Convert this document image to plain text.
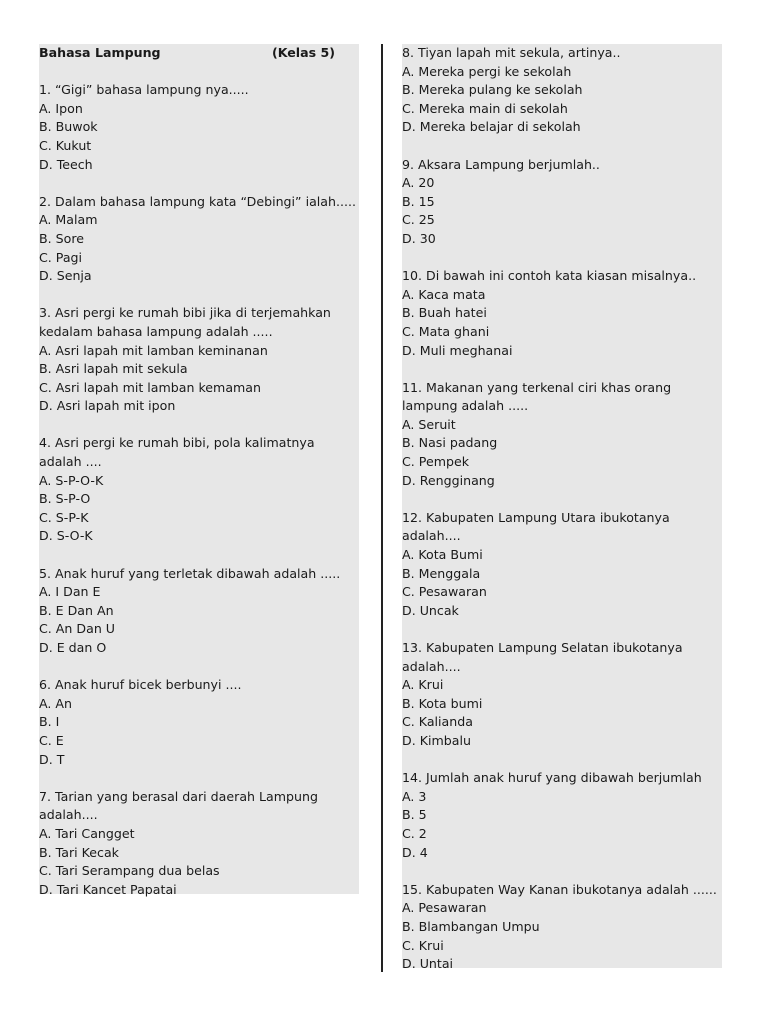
Bahasa Lampung	(Kelas 5)
1. “Gigi” bahasa lampung nya.....
A. Ipon
B. Buwok
C. Kukut
D. Teech
2. Dalam bahasa lampung kata “Debingi” ialah.....
A. Malam
B. Sore
C. Pagi
D. Senja
3. Asri pergi ke rumah bibi jika di terjemahkan kedalam bahasa lampung adalah .....
A. Asri lapah mit lamban keminanan
B. Asri lapah mit sekula
C. Asri lapah mit lamban kemaman
D. Asri lapah mit ipon
4. Asri pergi ke rumah bibi, pola kalimatnya adalah ....
A. S-P-O-K
B. S-P-O
C. S-P-K
D. S-O-K
5. Anak huruf yang terletak dibawah adalah .....
A. I Dan E
B. E Dan An
C. An Dan U
D. E dan O
6. Anak huruf bicek berbunyi ....
A. An
B. I
C. E
D. T
7. Tarian yang berasal dari daerah Lampung adalah....
A. Tari Cangget
B. Tari Kecak
C. Tari Serampang dua belas
D. Tari Kancet Papatai
8. Tiyan lapah mit sekula, artinya..
A. Mereka pergi ke sekolah
B. Mereka pulang ke sekolah
C. Mereka main di sekolah
D. Mereka belajar di sekolah
9. Aksara Lampung berjumlah..
A. 20
B. 15
C. 25
D. 30
10. Di bawah ini contoh kata kiasan misalnya..
A. Kaca mata
B. Buah hatei
C. Mata ghani
D. Muli meghanai
11. Makanan yang terkenal ciri khas orang lampung adalah .....
A. Seruit
B. Nasi padang
C. Pempek
D. Rengginang
12. Kabupaten Lampung Utara ibukotanya adalah....
A. Kota Bumi
B. Menggala
C. Pesawaran
D. Uncak
13. Kabupaten Lampung Selatan ibukotanya adalah....
A. Krui
B. Kota bumi
C. Kalianda
D. Kimbalu
14. Jumlah anak huruf yang dibawah berjumlah
A. 3
B. 5
C. 2
D. 4
15. Kabupaten Way Kanan ibukotanya adalah ......
A. Pesawaran
B. Blambangan Umpu
C. Krui
D. Untai
